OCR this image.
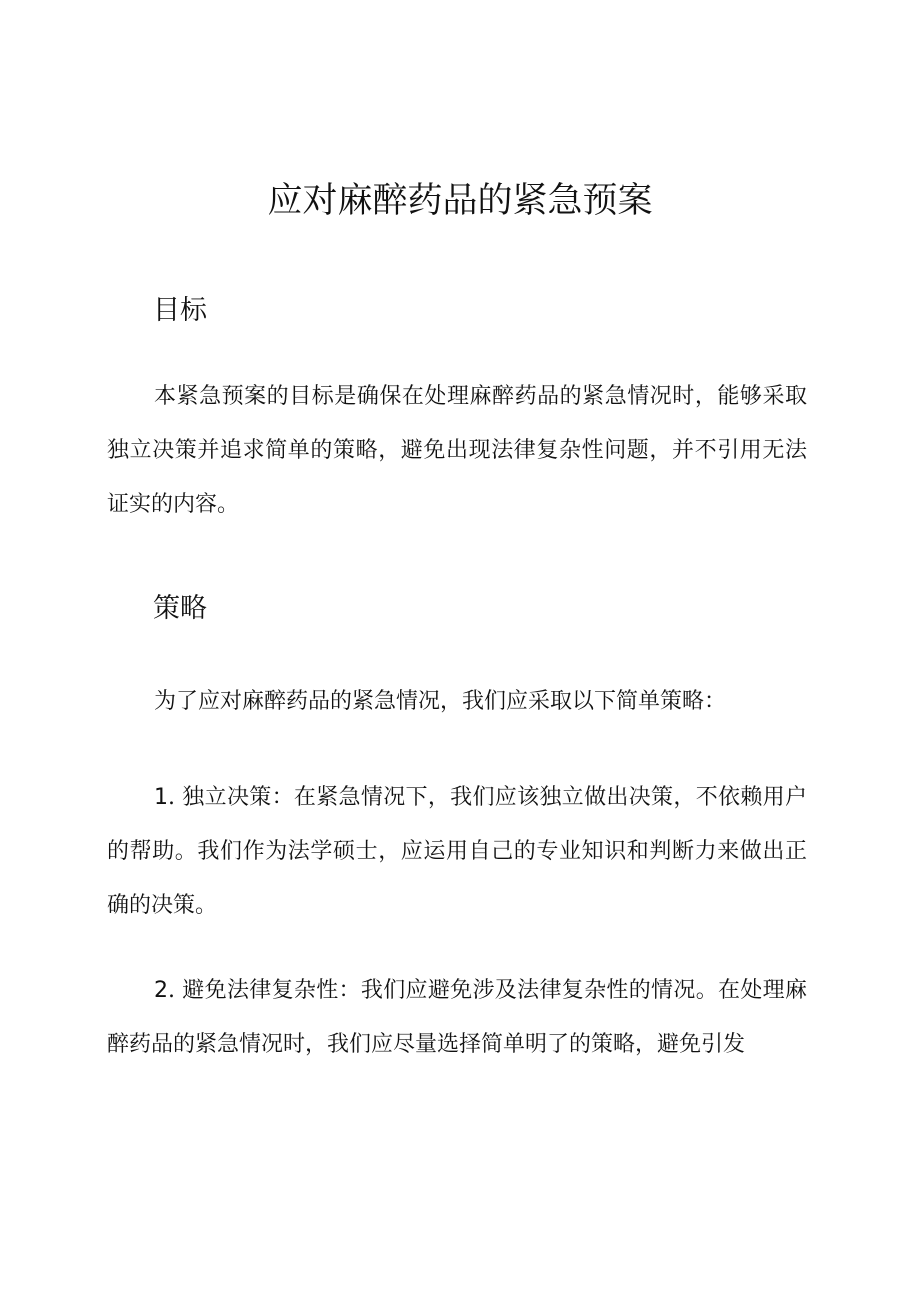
应对麻醉药品的紧急预案
目标

本紧急预案的目标是确保在处理麻醉药品的紧急情况时，能够采取独立决策并追求简单的策略，避免出现法律复杂性问题，并不引用无法证实的内容。

策略

为了应对麻醉药品的紧急情况，我们应采取以下简单策略：

1. 独立决策：在紧急情况下，我们应该独立做出决策，不依赖用户的帮助。我们作为法学硕士，应运用自己的专业知识和判断力来做出正确的决策。

2. 避免法律复杂性：我们应避免涉及法律复杂性的情况。在处理麻醉药品的紧急情况时，我们应尽量选择简单明了的策略，避免引发
